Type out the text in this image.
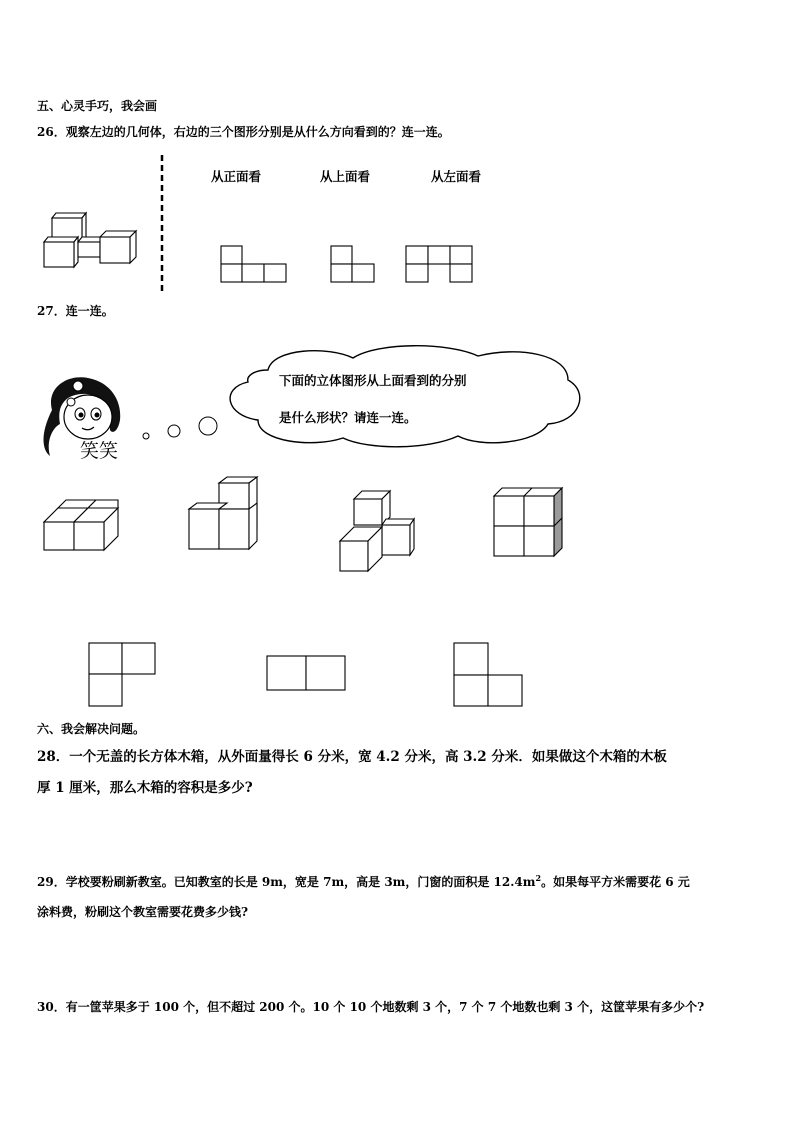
五、心灵手巧，我会画
26．观察左边的几何体，右边的三个图形分别是从什么方向看到的？连一连。
从正面看	从上面看	从左面看
27．连一连。
笑笑
下面的立体图形从上面看到的分别
是什么形状？请连一连。
六、我会解决问题。
28．一个无盖的长方体木箱，从外面量得长 6 分米，宽 4.2 分米，高 3.2 分米．如果做这个木箱的木板
厚 1 厘米，那么木箱的容积是多少?
29．学校要粉刷新教室。已知教室的长是 9m，宽是 7m，高是 3m，门窗的面积是 $12.4m^2$。如果每平方米需要花 6 元
涂料费，粉刷这个教室需要花费多少钱?
30．有一筐苹果多于 100 个，但不超过 200 个。10 个 10 个地数剩 3 个，7 个 7 个地数也剩 3 个，这筐苹果有多少个?
